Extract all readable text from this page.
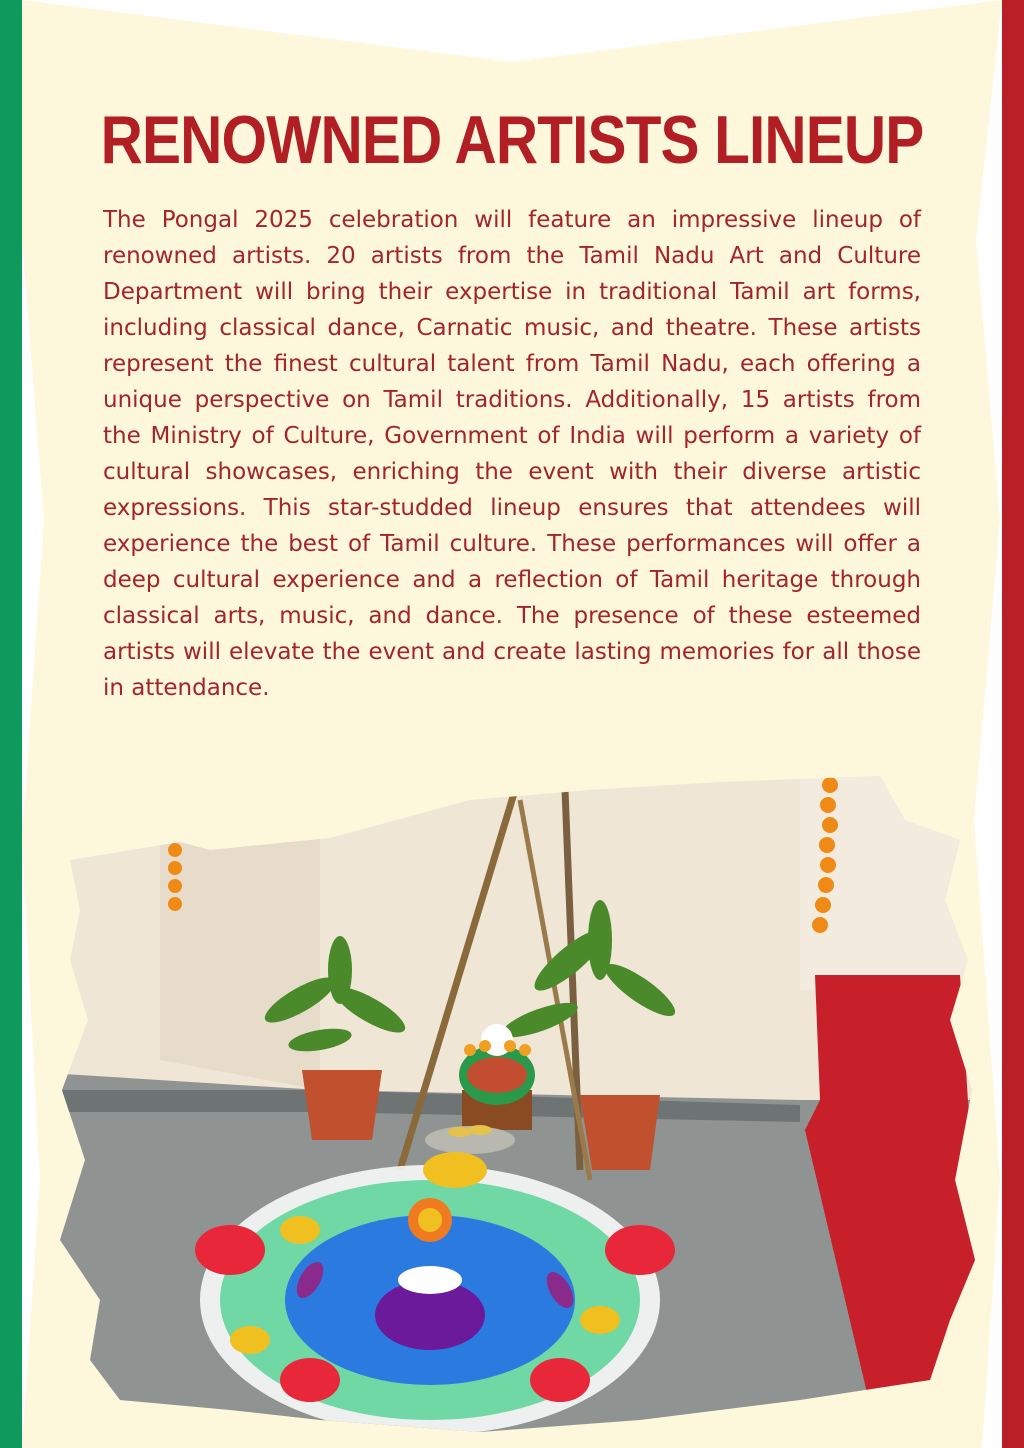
RENOWNED ARTISTS LINEUP

The Pongal 2025 celebration will feature an impressive lineup of renowned artists. 20 artists from the Tamil Nadu Art and Culture Department will bring their expertise in traditional Tamil art forms, including classical dance, Carnatic music, and theatre. These artists represent the finest cultural talent from Tamil Nadu, each offering a unique perspective on Tamil traditions. Additionally, 15 artists from the Ministry of Culture, Government of India will perform a variety of cultural showcases, enriching the event with their diverse artistic expressions. This star-studded lineup ensures that attendees will experience the best of Tamil culture. These performances will offer a deep cultural experience and a reflection of Tamil heritage through classical arts, music, and dance. The presence of these esteemed artists will elevate the event and create lasting memories for all those in attendance.
